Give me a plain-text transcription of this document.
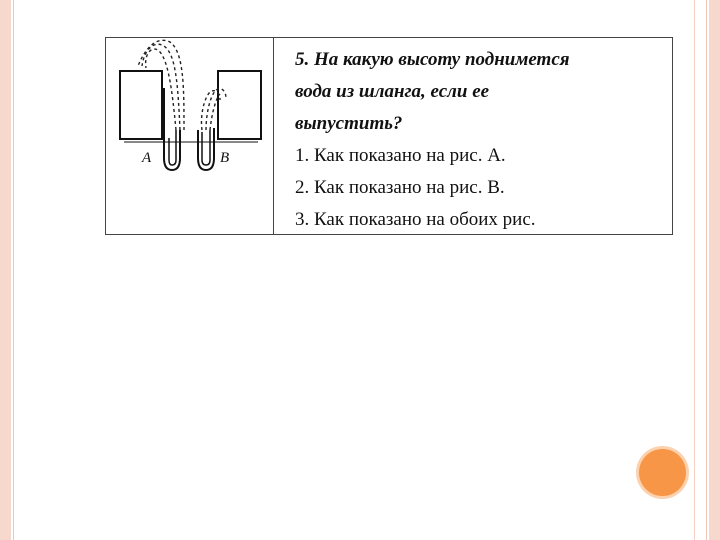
A	B
5. На какую высоту поднимется
вода из шланга, если ее
выпустить?
1. Как показано на рис. А.
2. Как показано на рис. В.
3. Как показано на обоих рис.
